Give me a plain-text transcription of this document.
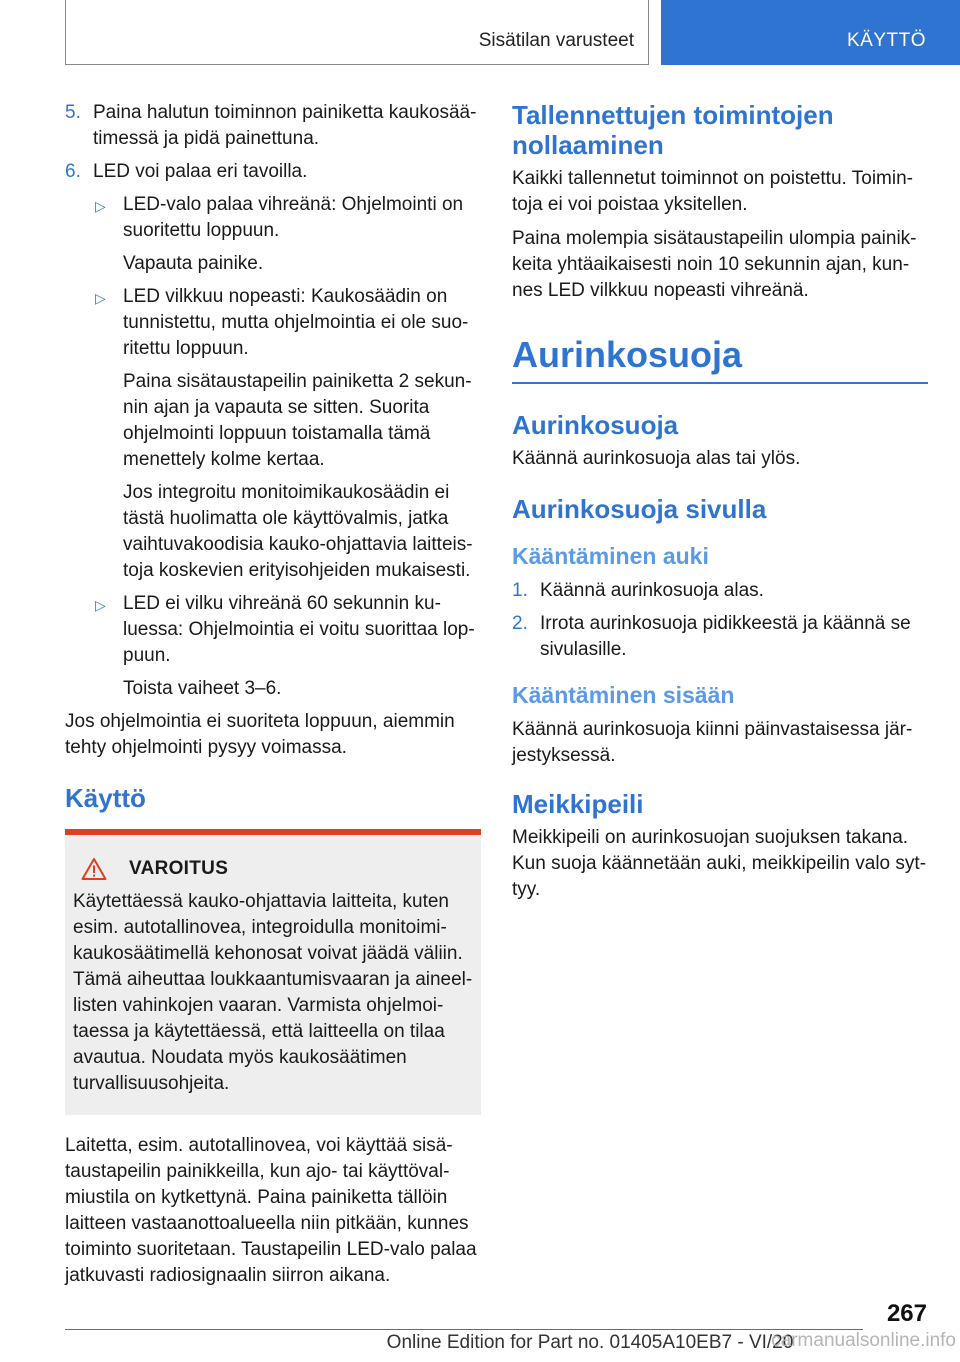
Sisätilan varusteet	KÄYTTÖ
5. Paina halutun toiminnon painiketta kaukosäätimessä ja pidä painettuna.
6. LED voi palaa eri tavoilla.
▷ LED-valo palaa vihreänä: Ohjelmointi on suoritettu loppuun.
Vapauta painike.
▷ LED vilkkuu nopeasti: Kaukosäädin on tunnistettu, mutta ohjelmointia ei ole suoritettu loppuun.
Paina sisätaustapeilin painiketta 2 sekunnin ajan ja vapauta se sitten. Suorita ohjelmointi loppuun toistamalla tämä menettely kolme kertaa.
Jos integroitu monitoimikaukosäädin ei tästä huolimatta ole käyttövalmis, jatka vaihtuvakoodisia kauko-ohjattavia laitteistoja koskevien erityisohjeiden mukaisesti.
▷ LED ei vilku vihreänä 60 sekunnin kuluessa: Ohjelmointia ei voitu suorittaa loppuun.
Toista vaiheet 3–6.

Jos ohjelmointia ei suoriteta loppuun, aiemmin tehty ohjelmointi pysyy voimassa.

Käyttö
VAROITUS
Käytettäessä kauko-ohjattavia laitteita, kuten esim. autotallinovea, integroidulla monitoimikaukosäätimellä kehonosat voivat jäädä väliin. Tämä aiheuttaa loukkaantumisvaaran ja aineellisten vahinkojen vaaran. Varmista ohjelmoitaessa ja käytettäessä, että laitteella on tilaa avautua. Noudata myös kaukosäätimen turvallisuusohjeita.

Laitetta, esim. autotallinovea, voi käyttää sisätaustapeilin painikkeilla, kun ajo- tai käyttövalmiustila on kytkettynä. Paina painiketta tällöin laitteen vastaanottoalueella niin pitkään, kunnes toiminto suoritetaan. Taustapeilin LED-valo palaa jatkuvasti radiosignaalin siirron aikana.

Tallennettujen toimintojen nollaaminen

Kaikki tallennetut toiminnot on poistettu. Toimintoja ei voi poistaa yksitellen.

Paina molempia sisätaustapeilin ulompia painikkeita yhtäaikaisesti noin 10 sekunnin ajan, kunnes LED vilkkuu nopeasti vihreänä.

Aurinkosuoja
Aurinkosuoja

Käännä aurinkosuoja alas tai ylös.

Aurinkosuoja sivulla
Kääntäminen auki
1. Käännä aurinkosuoja alas.
2. Irrota aurinkosuoja pidikkeestä ja käännä se sivulasille.
Kääntäminen sisään

Käännä aurinkosuoja kiinni päinvastaisessa järjestyksessä.

Meikkipeili

Meikkipeili on aurinkosuojan suojuksen takana. Kun suoja käännetään auki, meikkipeilin valo syttyy.

267
Online Edition for Part no. 01405A10EB7 - VI/20
carmanualsonline.info
